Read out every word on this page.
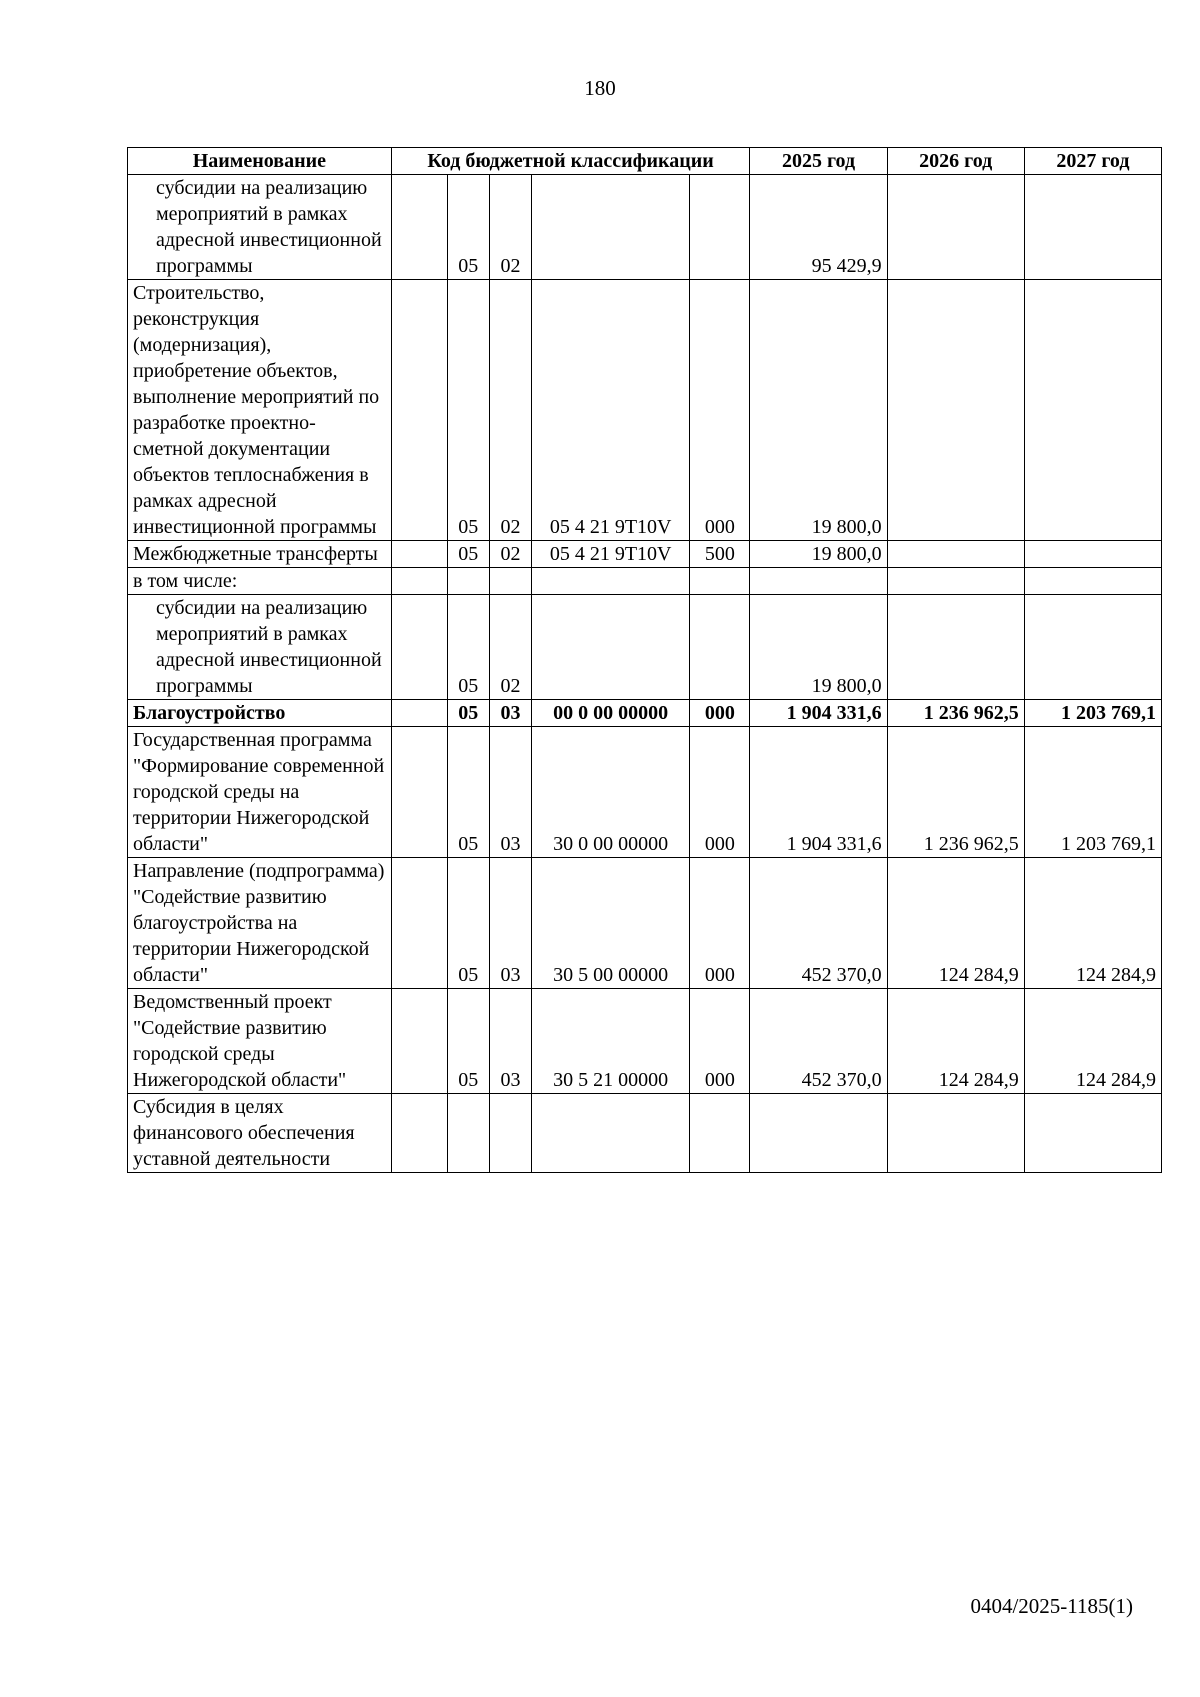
180
Наименование	Код бюджетной классификации					2025 год	2026 год	2027 год
субсидии на реализацию мероприятий в рамках адресной инвестиционной программы		05	02			95 429,9		
Строительство, реконструкция (модернизация), приобретение объектов, выполнение мероприятий по разработке проектно-сметной документации объектов теплоснабжения в рамках адресной инвестиционной программы		05	02	05 4 21 9T10V	000	19 800,0		
Межбюджетные трансферты		05	02	05 4 21 9T10V	500	19 800,0		
в том числе:								
субсидии на реализацию мероприятий в рамках адресной инвестиционной программы		05	02			19 800,0		
Благоустройство		05	03	00 0 00 00000	000	1 904 331,6	1 236 962,5	1 203 769,1
Государственная программа "Формирование современной городской среды на территории Нижегородской области"		05	03	30 0 00 00000	000	1 904 331,6	1 236 962,5	1 203 769,1
Направление (подпрограмма) "Содействие развитию благоустройства на территории Нижегородской области"		05	03	30 5 00 00000	000	452 370,0	124 284,9	124 284,9
Ведомственный проект "Содействие развитию городской среды Нижегородской области"		05	03	30 5 21 00000	000	452 370,0	124 284,9	124 284,9
Субсидия в целях финансового обеспечения уставной деятельности								
0404/2025-1185(1)
